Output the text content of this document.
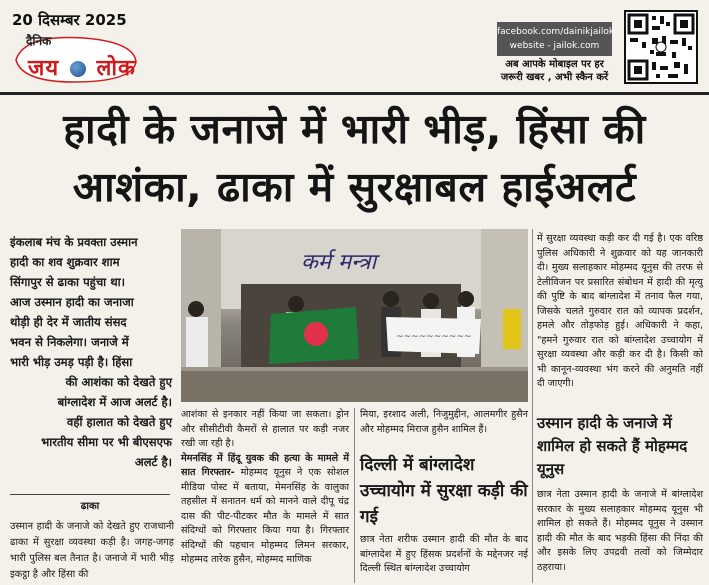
20 दिसम्बर 2025
दैनिक
जय लोक
facebook.com/dainikjailok
website - jailok.com
अब आपके मोबाइल पर हर
जरूरी खबर , अभी स्कैन करें
हादी के जनाजे में भारी भीड़, हिंसा की
आशंका, ढाका में सुरक्षाबल हाईअलर्ट

इंकलाब मंच के प्रवक्ता उस्मान

हादी का शव शुक्रवार शाम

सिंगापुर से ढाका पहुंचा था।

आज उस्मान हादी का जनाजा

थोड़ी ही देर में जातीय संसद

भवन से निकलेगा। जनाजे में

भारी भीड़ उमड़ पड़ी है। हिंसा

की आशंका को देखते हुए

बांग्लादेश में आज अलर्ट है।

वहीं हालात को देखते हुए

भारतीय सीमा पर भी बीएसएफ

अलर्ट है।

ढाका
उस्मान हादी के जनाजे को देखते हुए राजधानी ढाका में सुरक्षा व्यवस्था कड़ी है। जगह-जगह भारी पुलिस बल तैनात है। जनाजे में भारी भीड़ इकट्ठा है और हिंसा की
कर्म मन्त्रा
~~~~~~~~~~
आशंका से इनकार नहीं किया जा सकता। ड्रोन और सीसीटीवी कैमरों से हालात पर कड़ी नजर रखी जा रही है।
मेमनसिंह में हिंदू युवक की हत्या के मामले में सात गिरफ्तार- मोहम्मद यूनुस ने एक सोशल मीडिया पोस्ट में बताया, मेमनसिंह के वालुका तहसील में सनातन धर्म को मानने वाले दीपू चंद्र दास की पीट-पीटकर मौत के मामले में सात संदिग्धों को गिरफ्तार किया गया है। गिरफ्तार संदिग्धों की पहचान मोहम्मद लिमन सरकार, मोहम्मद तारेक हुसैन, मोहम्मद माणिक
मिया, इरशाद अली, निजुमुद्दीन, आलमगीर हुसैन और मोहम्मद मिराज हुसैन शामिल हैं।
दिल्ली में बांग्लादेश उच्चायोग में सुरक्षा कड़ी की गई
छात्र नेता शरीफ उस्मान हादी की मौत के बाद बांग्लादेश में हुए हिंसक प्रदर्शनों के मद्देनजर नई दिल्ली स्थित बांग्लादेश उच्चायोग
में सुरक्षा व्यवस्था कड़ी कर दी गई है। एक वरिष्ठ पुलिस अधिकारी ने शुक्रवार को यह जानकारी दी। मुख्य सलाहकार मोहम्मद यूनुस की तरफ से टेलीविजन पर प्रसारित संबोधन में हादी की मृत्यु की पुष्टि के बाद बांग्लादेश में तनाव फैल गया, जिसके चलते गुरुवार रात को व्यापक प्रदर्शन, हमले और तोड़फोड़ हुई। अधिकारी ने कहा, "हमने गुरुवार रात को बांग्लादेश उच्चायोग में सुरक्षा व्यवस्था और कड़ी कर दी है। किसी को भी कानून-व्यवस्था भंग करने की अनुमति नहीं दी जाएगी।
उस्मान हादी के जनाजे में शामिल हो सकते हैं मोहम्मद यूनुस
छात्र नेता उस्मान हादी के जनाजे में बांग्लादेश सरकार के मुख्य सलाहकार मोहम्मद यूनुस भी शामिल हो सकते हैं। मोहम्मद यूनुस ने उस्मान हादी की मौत के बाद भड़की हिंसा की निंदा की और इसके लिए उपद्रवी तत्वों को जिम्मेदार ठहराया।
